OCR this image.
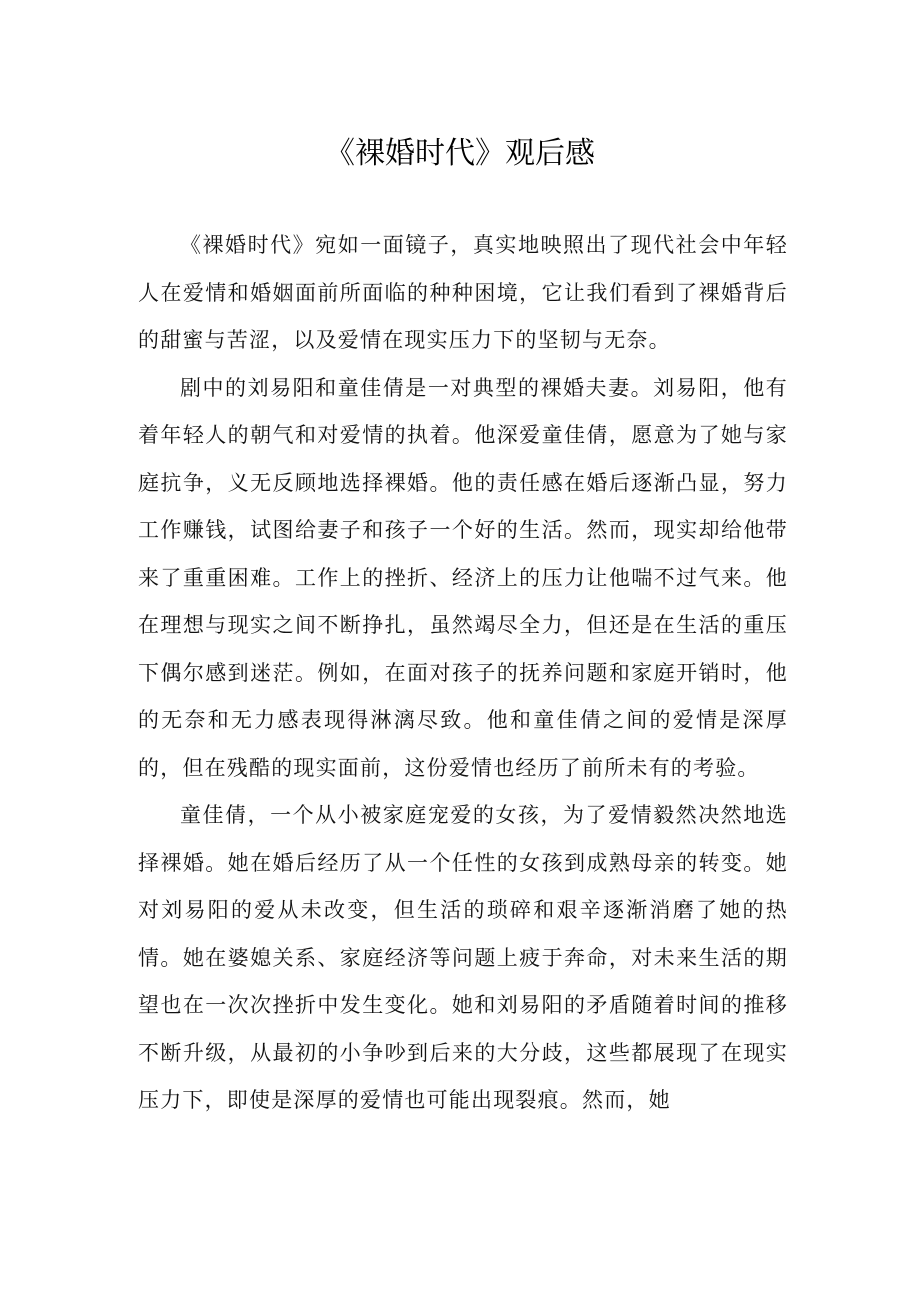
《裸婚时代》观后感

《裸婚时代》宛如一面镜子，真实地映照出了现代社会中年轻人在爱情和婚姻面前所面临的种种困境，它让我们看到了裸婚背后的甜蜜与苦涩，以及爱情在现实压力下的坚韧与无奈。

剧中的刘易阳和童佳倩是一对典型的裸婚夫妻。刘易阳，他有着年轻人的朝气和对爱情的执着。他深爱童佳倩，愿意为了她与家庭抗争，义无反顾地选择裸婚。他的责任感在婚后逐渐凸显，努力工作赚钱，试图给妻子和孩子一个好的生活。然而，现实却给他带来了重重困难。工作上的挫折、经济上的压力让他喘不过气来。他在理想与现实之间不断挣扎，虽然竭尽全力，但还是在生活的重压下偶尔感到迷茫。例如，在面对孩子的抚养问题和家庭开销时，他的无奈和无力感表现得淋漓尽致。他和童佳倩之间的爱情是深厚的，但在残酷的现实面前，这份爱情也经历了前所未有的考验。

童佳倩，一个从小被家庭宠爱的女孩，为了爱情毅然决然地选择裸婚。她在婚后经历了从一个任性的女孩到成熟母亲的转变。她对刘易阳的爱从未改变，但生活的琐碎和艰辛逐渐消磨了她的热情。她在婆媳关系、家庭经济等问题上疲于奔命，对未来生活的期望也在一次次挫折中发生变化。她和刘易阳的矛盾随着时间的推移不断升级，从最初的小争吵到后来的大分歧，这些都展现了在现实压力下，即使是深厚的爱情也可能出现裂痕。然而，她
